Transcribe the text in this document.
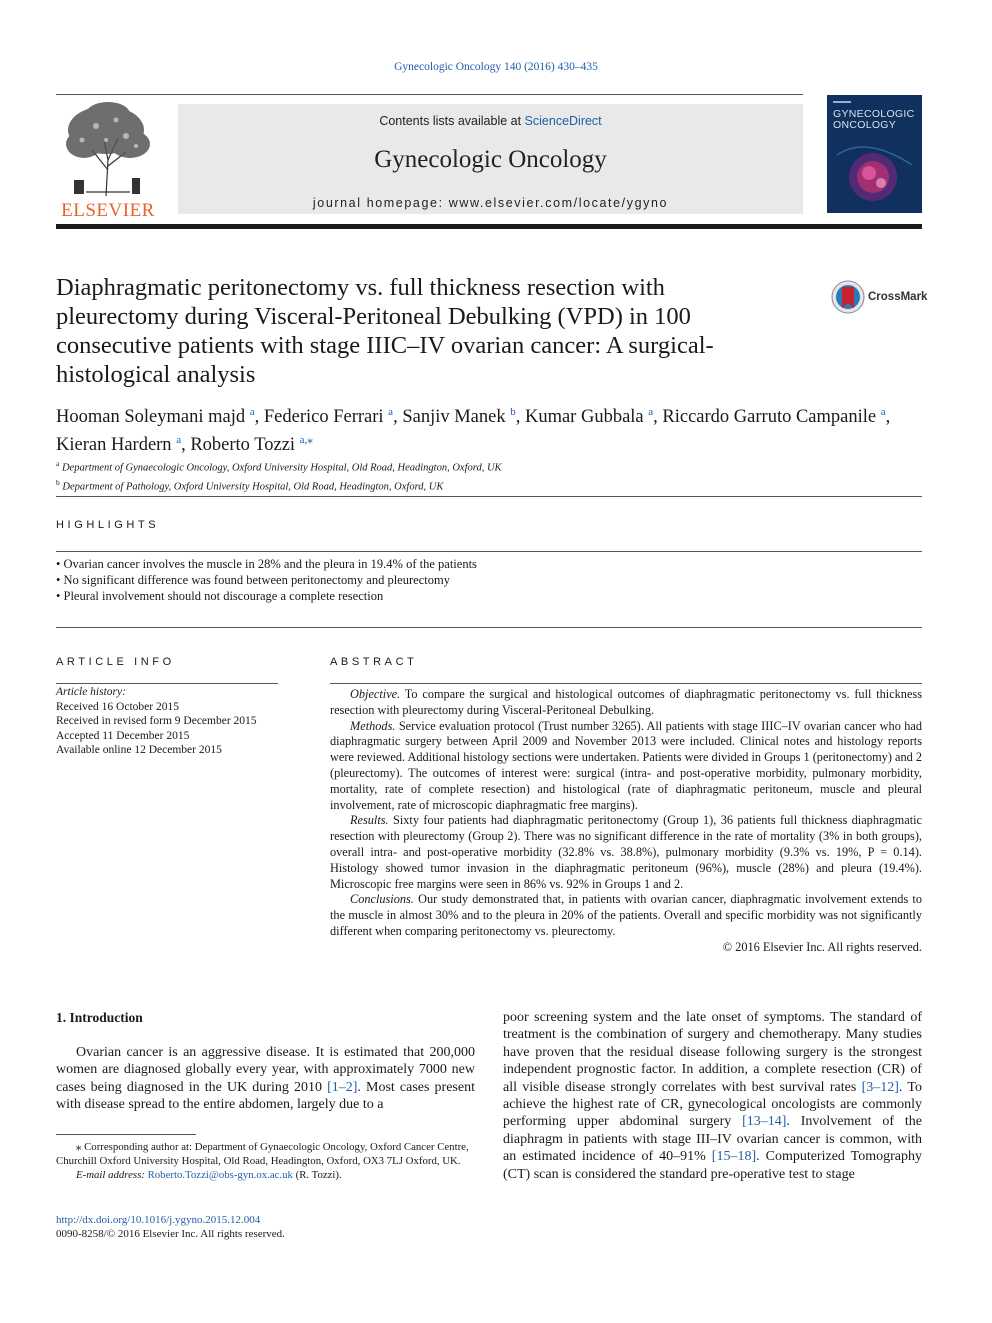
Gynecologic Oncology 140 (2016) 430–435
ELSEVIER
Contents lists available at ScienceDirect
Gynecologic Oncology
journal homepage: www.elsevier.com/locate/ygyno
GYNECOLOGIC ONCOLOGY
Diaphragmatic peritonectomy vs. full thickness resection with pleurectomy during Visceral-Peritoneal Debulking (VPD) in 100 consecutive patients with stage IIIC–IV ovarian cancer: A surgical-histological analysis
CrossMark
Hooman Soleymani majd $^a$, Federico Ferrari $^a$, Sanjiv Manek $^b$, Kumar Gubbala $^a$, Riccardo Garruto Campanile $^a$,
Kieran Hardern $^a$, Roberto Tozzi $^{a,⁎}$
$^a$ Department of Gynaecologic Oncology, Oxford University Hospital, Old Road, Headington, Oxford, UK
$^b$ Department of Pathology, Oxford University Hospital, Old Road, Headington, Oxford, UK
HIGHLIGHTS
• Ovarian cancer involves the muscle in 28% and the pleura in 19.4% of the patients
• No significant difference was found between peritonectomy and pleurectomy
• Pleural involvement should not discourage a complete resection
ARTICLE INFO
Article history:
Received 16 October 2015
Received in revised form 9 December 2015
Accepted 11 December 2015
Available online 12 December 2015
ABSTRACT

Objective. To compare the surgical and histological outcomes of diaphragmatic peritonectomy vs. full thickness resection with pleurectomy during Visceral-Peritoneal Debulking.

Methods. Service evaluation protocol (Trust number 3265). All patients with stage IIIC–IV ovarian cancer who had diaphragmatic surgery between April 2009 and November 2013 were included. Clinical notes and histology reports were reviewed. Additional histology sections were undertaken. Patients were divided in Groups 1 (peritonectomy) and 2 (pleurectomy). The outcomes of interest were: surgical (intra- and post-operative morbidity, pulmonary morbidity, mortality, rate of complete resection) and histological (rate of diaphragmatic peritoneum, muscle and pleural involvement, rate of microscopic diaphragmatic free margins).

Results. Sixty four patients had diaphragmatic peritonectomy (Group 1), 36 patients full thickness diaphragmatic resection with pleurectomy (Group 2). There was no significant difference in the rate of mortality (3% in both groups), overall intra- and post-operative morbidity (32.8% vs. 38.8%), pulmonary morbidity (9.3% vs. 19%, P = 0.14). Histology showed tumor invasion in the diaphragmatic peritoneum (96%), muscle (28%) and pleura (19.4%). Microscopic free margins were seen in 86% vs. 92% in Groups 1 and 2.

Conclusions. Our study demonstrated that, in patients with ovarian cancer, diaphragmatic involvement extends to the muscle in almost 30% and to the pleura in 20% of the patients. Overall and specific morbidity was not significantly different when comparing peritonectomy vs. pleurectomy.

© 2016 Elsevier Inc. All rights reserved.

1. Introduction

Ovarian cancer is an aggressive disease. It is estimated that 200,000 women are diagnosed globally every year, with approximately 7000 new cases being diagnosed in the UK during 2010 [1–2]. Most cases present with disease spread to the entire abdomen, largely due to a

poor screening system and the late onset of symptoms. The standard of treatment is the combination of surgery and chemotherapy. Many studies have proven that the residual disease following surgery is the strongest independent prognostic factor. In addition, a complete resection (CR) of all visible disease strongly correlates with best survival rates [3–12]. To achieve the highest rate of CR, gynecological oncologists are commonly performing upper abdominal surgery [13–14]. Involvement of the diaphragm in patients with stage III–IV ovarian cancer is common, with an estimated incidence of 40–91% [15–18]. Computerized Tomography (CT) scan is considered the standard pre-operative test to stage

⁎ Corresponding author at: Department of Gynaecologic Oncology, Oxford Cancer Centre, Churchill Oxford University Hospital, Old Road, Headington, Oxford, OX3 7LJ Oxford, UK.

E-mail address: Roberto.Tozzi@obs-gyn.ox.ac.uk (R. Tozzi).

http://dx.doi.org/10.1016/j.ygyno.2015.12.004
0090-8258/© 2016 Elsevier Inc. All rights reserved.
